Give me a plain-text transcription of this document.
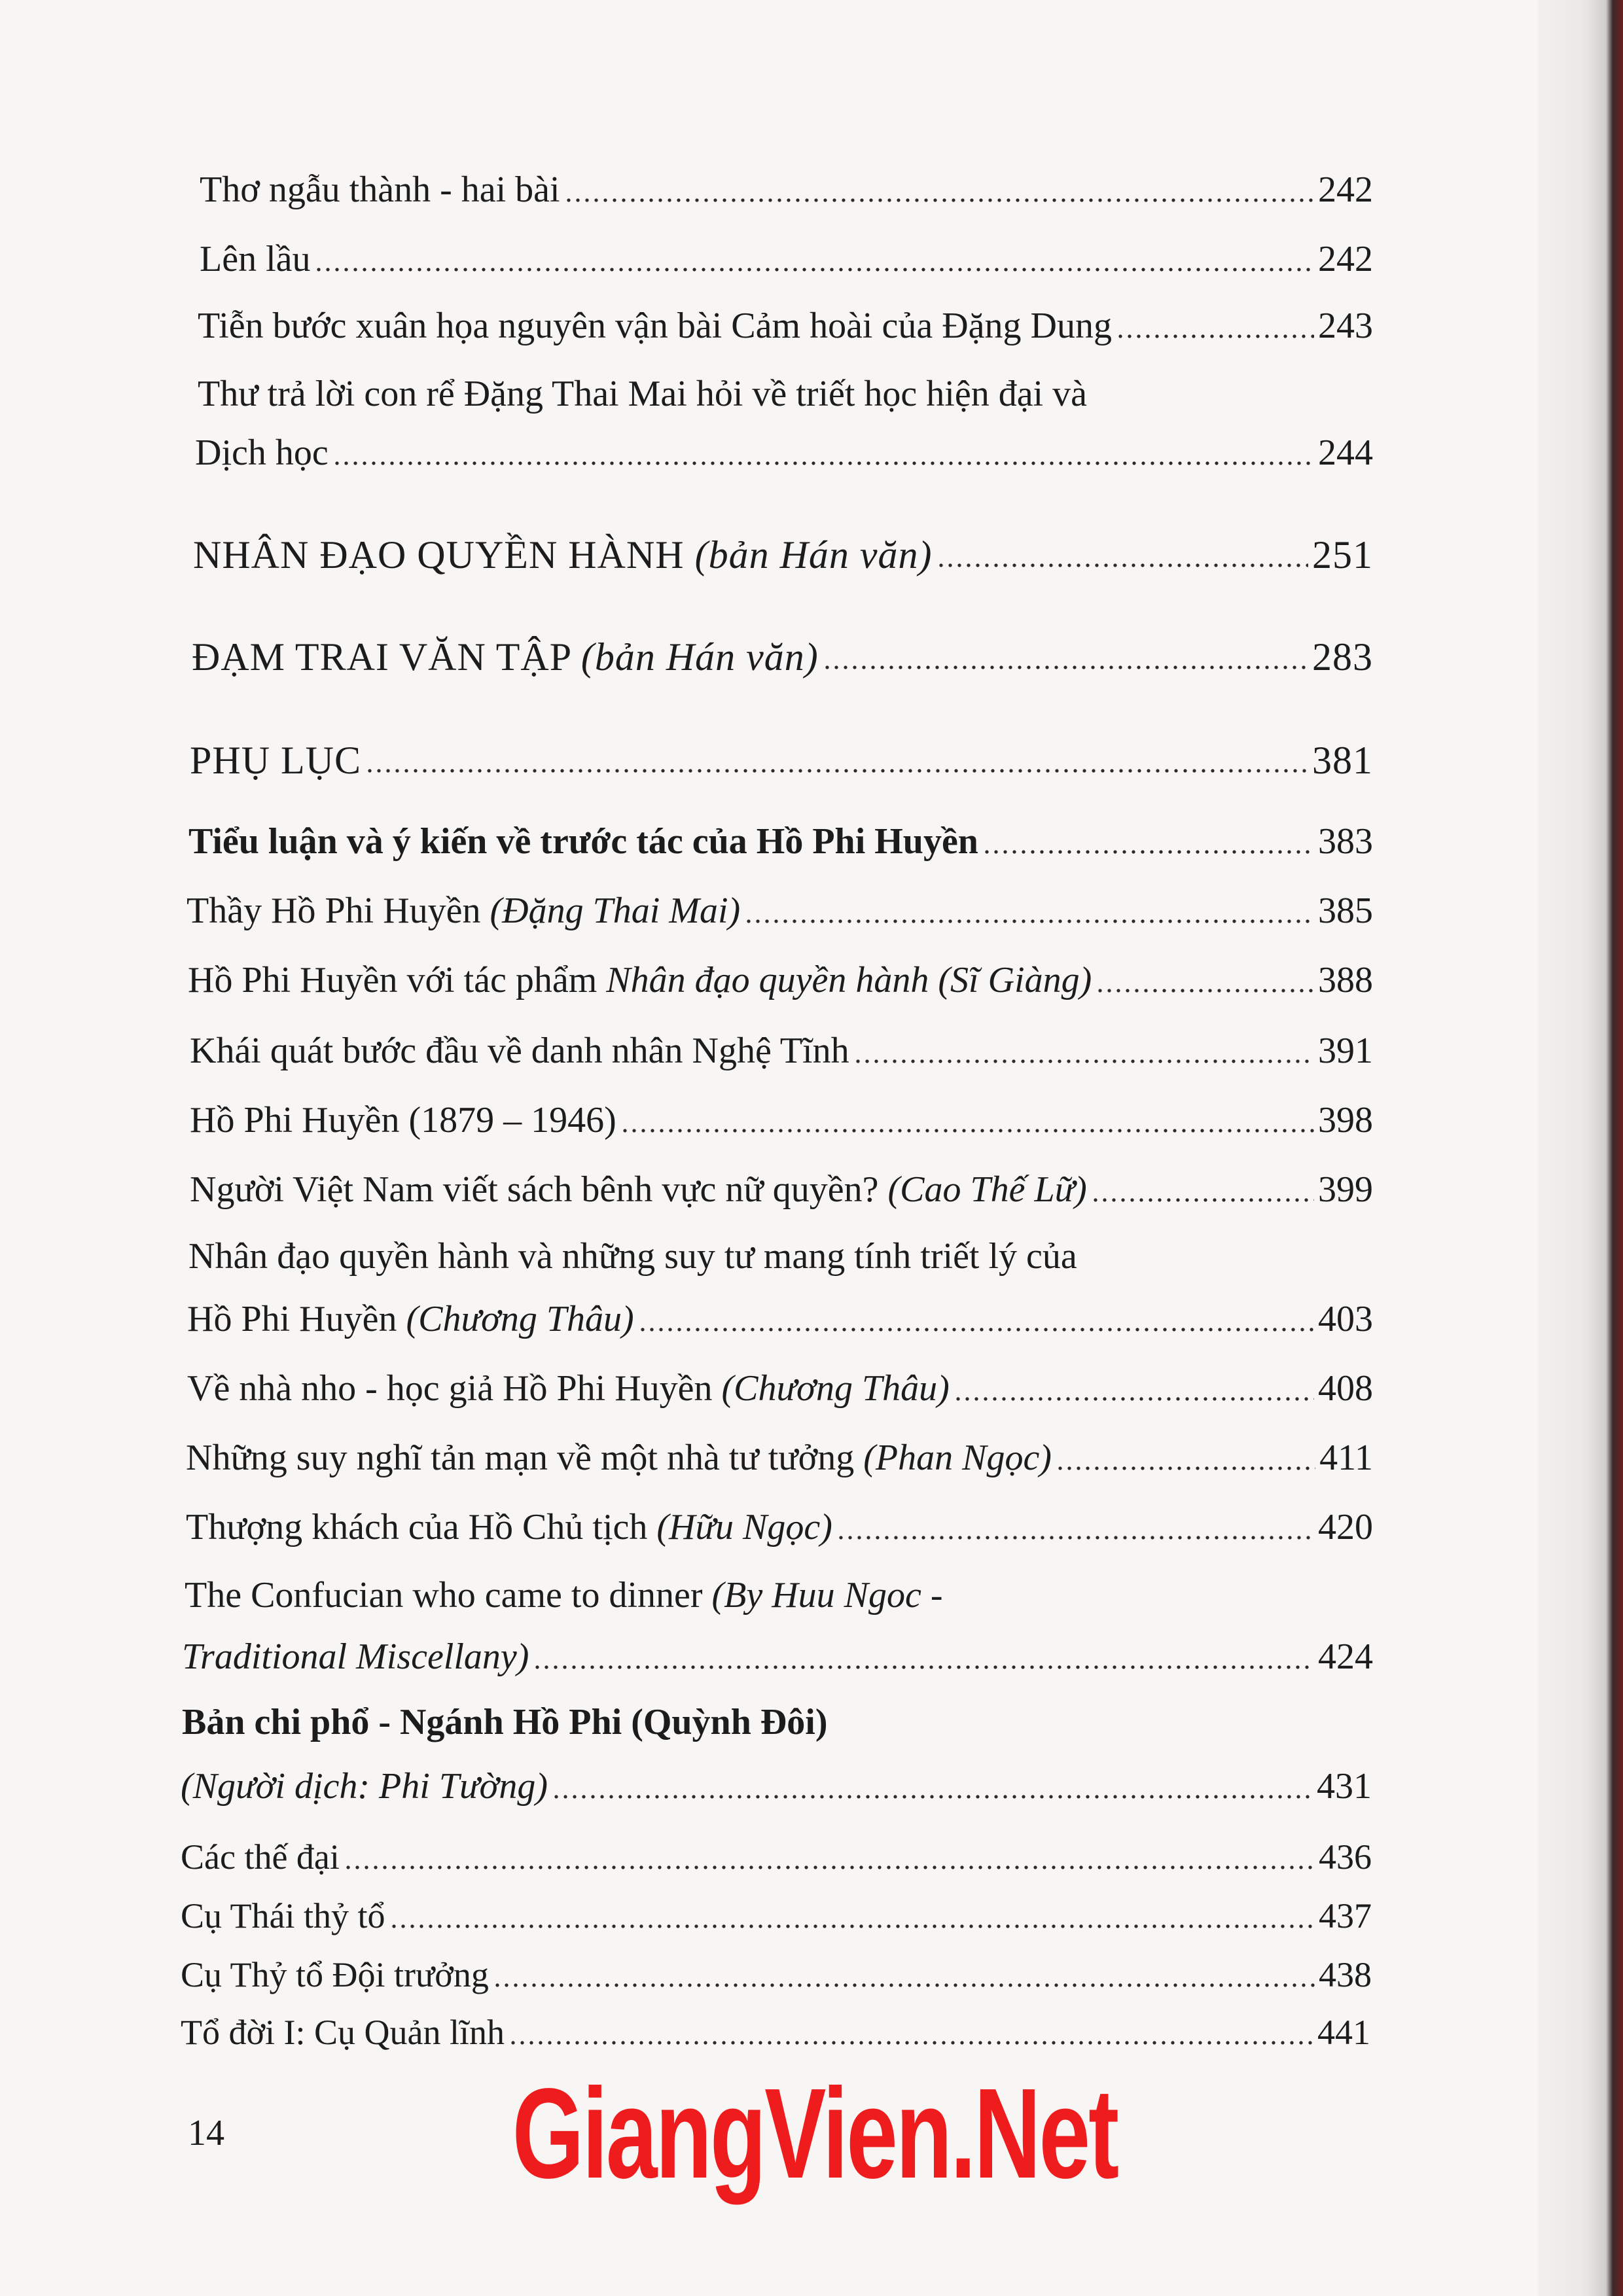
Thơ ngẫu thành - hai bài	242
Lên lầu	242
Tiễn bước xuân họa nguyên vận bài Cảm hoài của Đặng Dung	243
Thư trả lời con rể Đặng Thai Mai hỏi về triết học hiện đại và
Dịch học	244
NHÂN ĐẠO QUYỀN HÀNH (bản Hán văn)	251
ĐẠM TRAI VĂN TẬP (bản Hán văn)	283
PHỤ LỤC	381
Tiểu luận và ý kiến về trước tác của Hồ Phi Huyền	383
Thầy Hồ Phi Huyền (Đặng Thai Mai)	385
Hồ Phi Huyền với tác phẩm Nhân đạo quyền hành (Sĩ Giàng)	388
Khái quát bước đầu về danh nhân Nghệ Tĩnh	391
Hồ Phi Huyền (1879 – 1946)	398
Người Việt Nam viết sách bênh vực nữ quyền? (Cao Thế Lữ)	399
Nhân đạo quyền hành và những suy tư mang tính triết lý của
Hồ Phi Huyền (Chương Thâu)	403
Về nhà nho - học giả Hồ Phi Huyền (Chương Thâu)	408
Những suy nghĩ tản mạn về một nhà tư tưởng (Phan Ngọc)	411
Thượng khách của Hồ Chủ tịch (Hữu Ngọc)	420
The Confucian who came to dinner (By Huu Ngoc -
Traditional Miscellany)	424
Bản chi phổ - Ngánh Hồ Phi (Quỳnh Đôi)
(Người dịch: Phi Tường)	431
Các thế đại	436
Cụ Thái thỷ tổ	437
Cụ Thỷ tổ Đội trưởng	438
Tổ đời I: Cụ Quản lĩnh	441
14 GiangVien.Net
